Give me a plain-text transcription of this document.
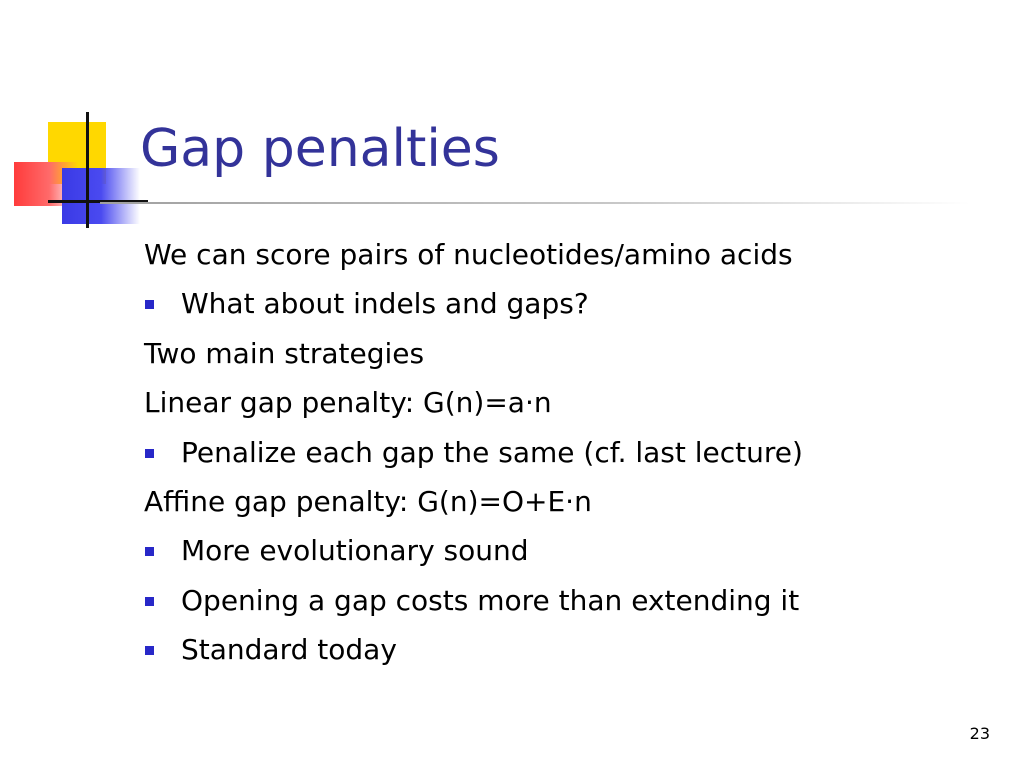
Gap penalties
We can score pairs of nucleotides/amino acids
What about indels and gaps?
Two main strategies
Linear gap penalty: G(n)=a·n
Penalize each gap the same (cf. last lecture)
Affine gap penalty: G(n)=O+E·n
More evolutionary sound
Opening a gap costs more than extending it
Standard today
23
